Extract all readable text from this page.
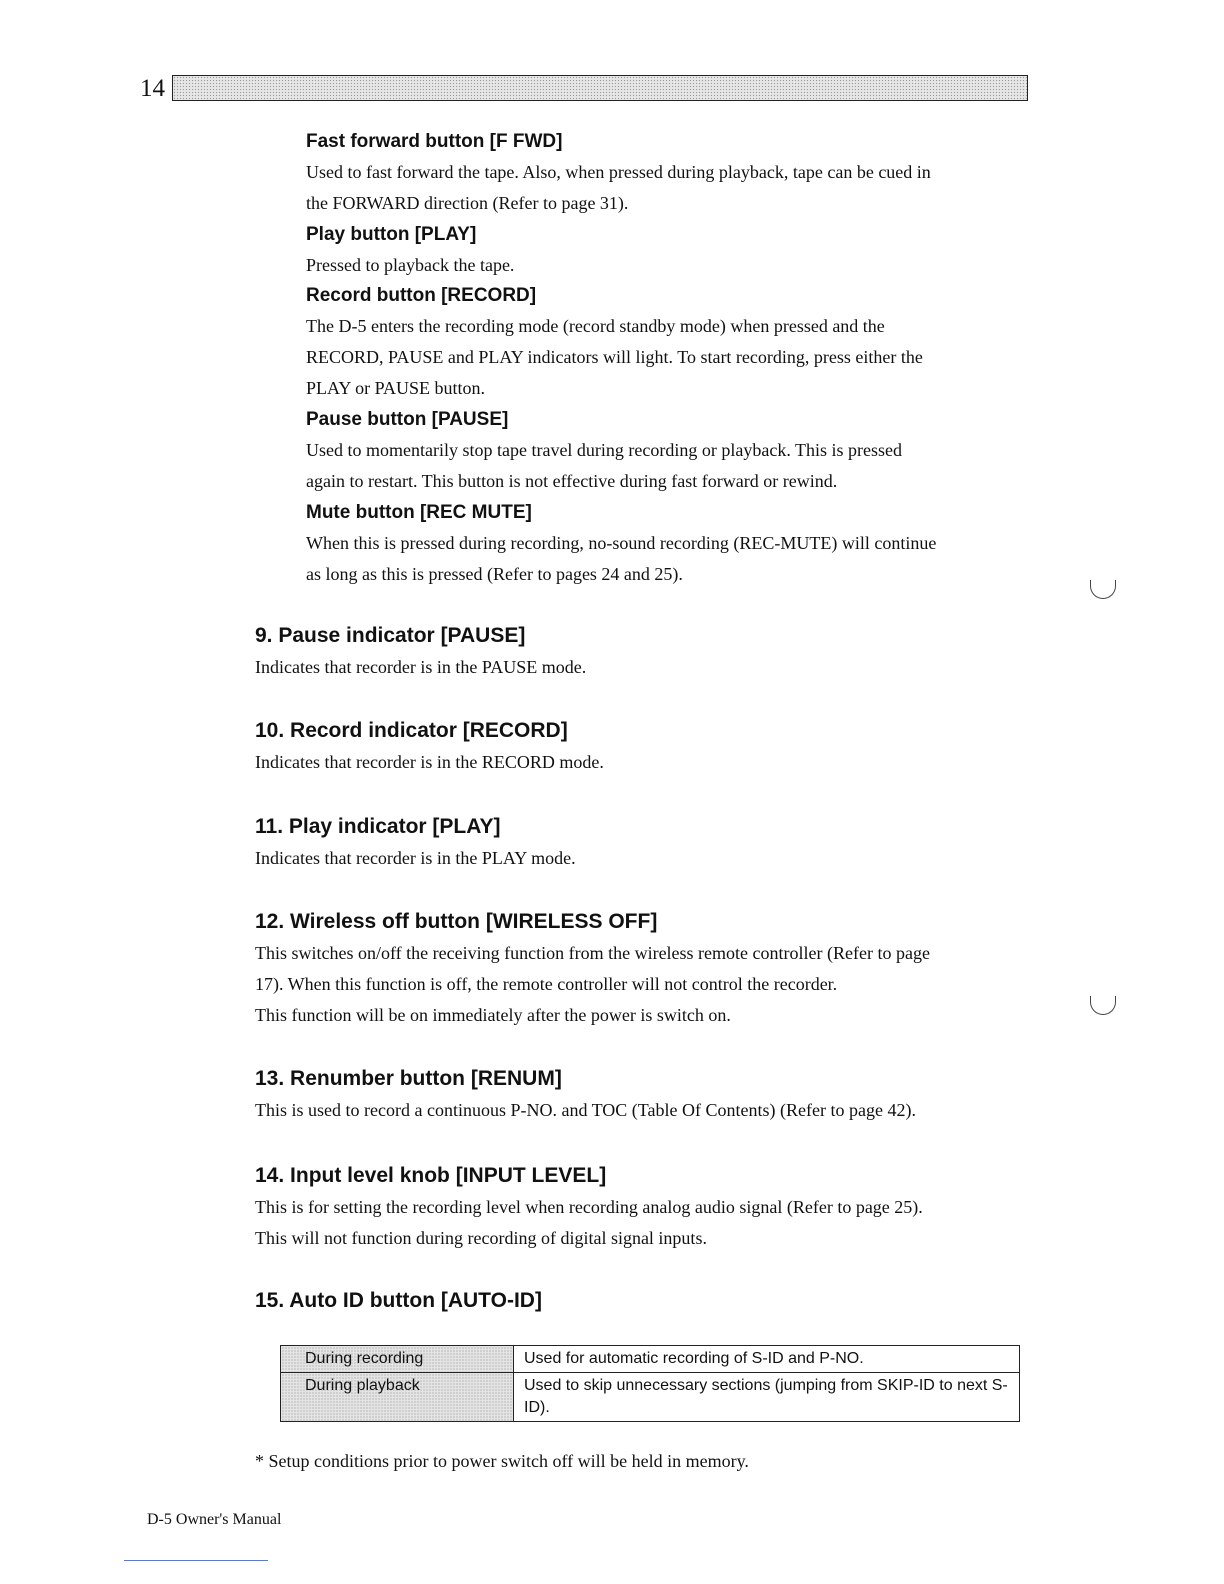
14
Fast forward button [F FWD]

Used to fast forward the tape. Also, when pressed during playback, tape can be cued in

the FORWARD direction (Refer to page 31).

Play button [PLAY]

Pressed to playback the tape.

Record button [RECORD]

The D-5 enters the recording mode (record standby mode) when pressed and the

RECORD, PAUSE and PLAY indicators will light. To start recording, press either the

PLAY or PAUSE button.

Pause button [PAUSE]

Used to momentarily stop tape travel during recording or playback. This is pressed

again to restart. This button is not effective during fast forward or rewind.

Mute button [REC MUTE]

When this is pressed during recording, no-sound recording (REC-MUTE) will continue

as long as this is pressed (Refer to pages 24 and 25).

9. Pause indicator [PAUSE]

Indicates that recorder is in the PAUSE mode.

10. Record indicator [RECORD]

Indicates that recorder is in the RECORD mode.

11. Play indicator [PLAY]

Indicates that recorder is in the PLAY mode.

12. Wireless off button [WIRELESS OFF]

This switches on/off the receiving function from the wireless remote controller (Refer to page

17). When this function is off, the remote controller will not control the recorder.

This function will be on immediately after the power is switch on.

13. Renumber button [RENUM]

This is used to record a continuous P-NO. and TOC (Table Of Contents) (Refer to page 42).

14. Input level knob [INPUT LEVEL]

This is for setting the recording level when recording analog audio signal (Refer to page 25).

This will not function during recording of digital signal inputs.

15. Auto ID button [AUTO-ID]
During recording	Used for automatic recording of S-ID and P-NO.
During playback	Used to skip unnecessary sections (jumping from SKIP-ID to next S-ID).

* Setup conditions prior to power switch off will be held in memory.

D-5 Owner's Manual
